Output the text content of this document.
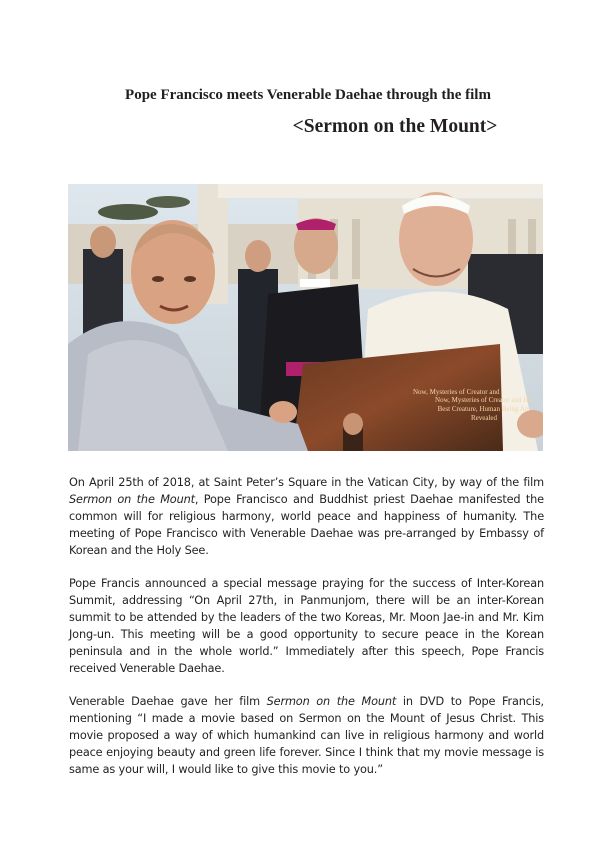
Pope Francisco meets Venerable Daehae through the film
<Sermon on the Mount>
Now, Mysteries of Creator and
Now, Mysteries of Creator and His Best Creature, Human Being Are Revealed

On April 25th of 2018, at Saint Peter’s Square in the Vatican City, by way of the film Sermon on the Mount, Pope Francisco and Buddhist priest Daehae manifested the common will for religious harmony, world peace and happiness of humanity. The meeting of Pope Francisco with Venerable Daehae was pre-arranged by Embassy of Korean and the Holy See.

Pope Francis announced a special message praying for the success of Inter-Korean Summit, addressing “On April 27th, in Panmunjom, there will be an inter-Korean summit to be attended by the leaders of the two Koreas, Mr. Moon Jae-in and Mr. Kim Jong-un. This meeting will be a good opportunity to secure peace in the Korean peninsula and in the whole world.” Immediately after this speech, Pope Francis received Venerable Daehae.

Venerable Daehae gave her film Sermon on the Mount in DVD to Pope Francis, mentioning “I made a movie based on Sermon on the Mount of Jesus Christ. This movie proposed a way of which humankind can live in religious harmony and world peace enjoying beauty and green life forever. Since I think that my movie message is same as your will, I would like to give this movie to you.”
